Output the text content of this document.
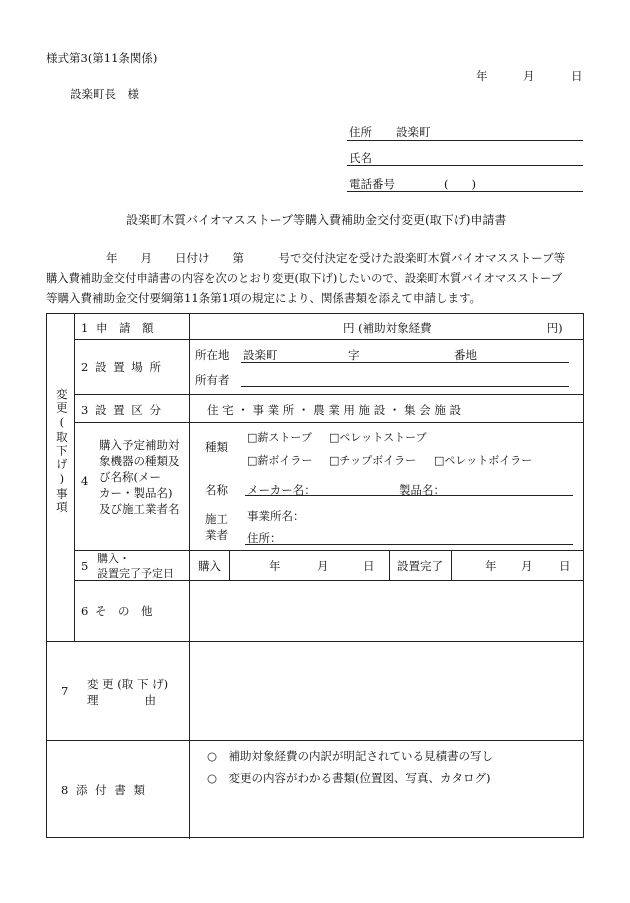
様式第3(第11条関係)
年	月	日
設楽町長　様
住所 設楽町
氏名
電話番号	(　　)
設楽町木質バイオマスストーブ等購入費補助金交付変更(取下げ)申請書
年　　月　　日付け　　第　　　号で交付決定を受けた設楽町木質バイオマスストーブ等
購入費補助金交付申請書の内容を次のとおり変更(取下げ)したいので、設楽町木質バイオマスストーブ
等購入費補助金交付要綱第11条第1項の規定により、関係書類を添えて申請します。
変更(取下げ)事項
1 申　請　額	円 (補助対象経費　　　　　　　　　　円)
2 設 置 場 所
所在地 設楽町	字	番地
所有者
3 設 置 区 分	住 宅 ・ 事 業 所 ・ 農 業 用 施 設 ・ 集 会 施 設
4
購入予定補助対
象機器の種類及
び名称(メー
カー・製品名)
及び施工業者名
種類
□薪ストーブ □ペレットストーブ
□薪ボイラー □チップボイラー □ペレットボイラー
名称 メーカー名：	製品名：
施工
業者
事業所名：
住所：
5
購入・
設置完了予定日
購入	年	月	日 設置完了	年 月 日
6 そ　の　他
7 変 更 (取 下 げ)
理　　　　由
8 添 付 書 類
○　補助対象経費の内訳が明記されている見積書の写し
○　変更の内容がわかる書類(位置図、写真、カタログ)
